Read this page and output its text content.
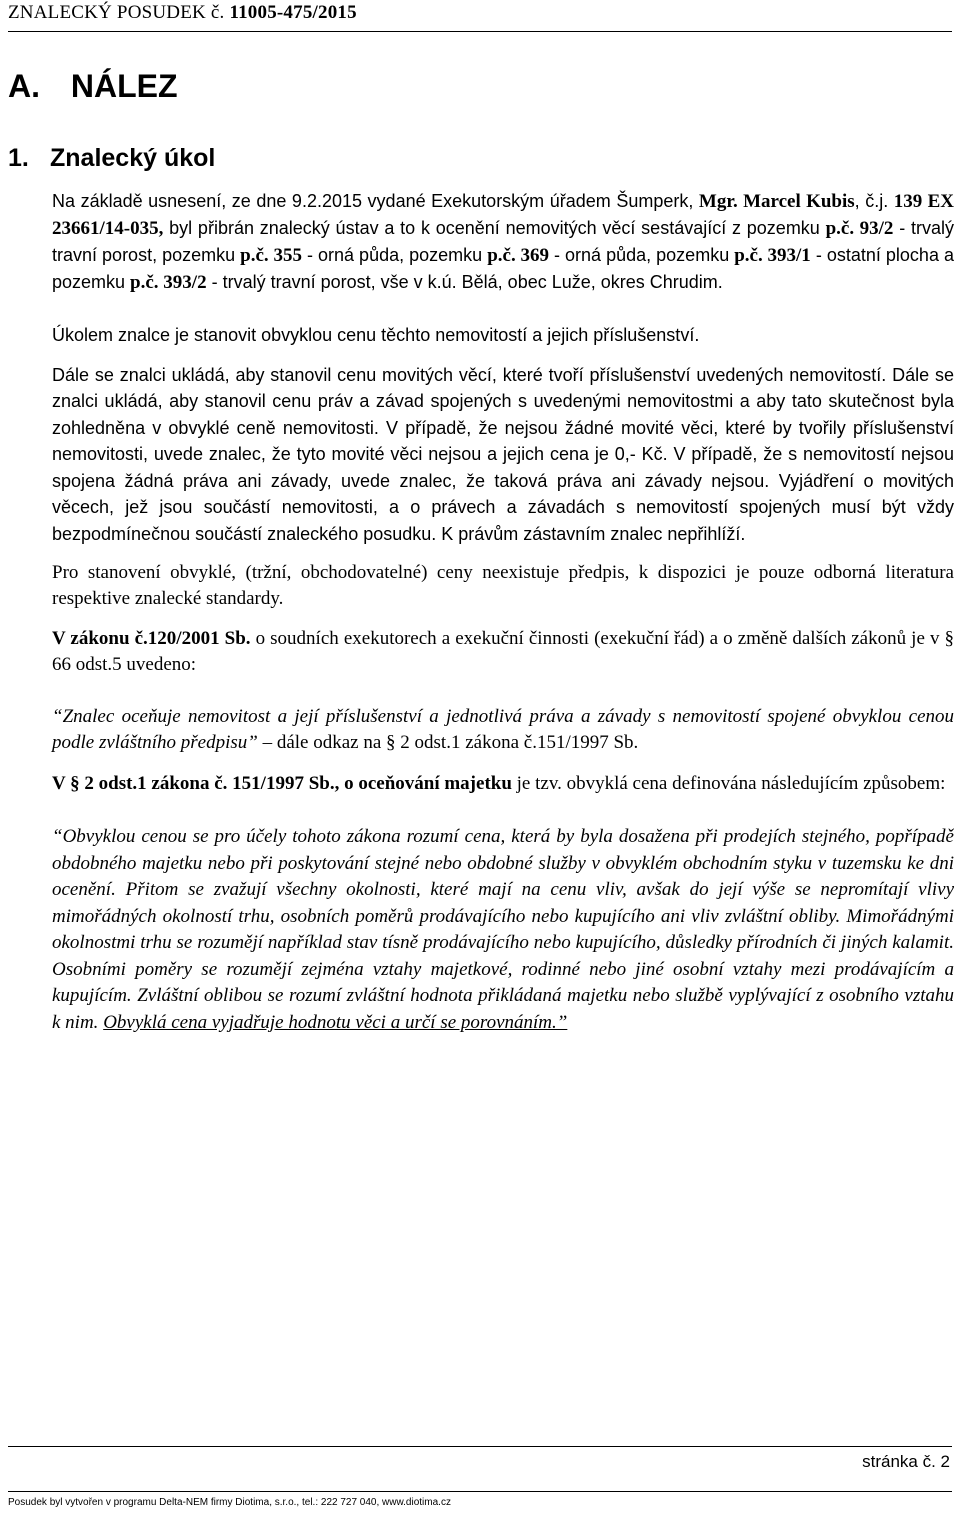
ZNALECKÝ POSUDEK č. 11005-475/2015
A. NÁLEZ
1. Znalecký úkol

Na základě usnesení, ze dne 9.2.2015 vydané Exekutorským úřadem Šumperk, Mgr. Marcel Kubis, č.j. 139 EX 23661/14-035, byl přibrán znalecký ústav a to k ocenění nemovitých věcí sestávající z pozemku p.č. 93/2 - trvalý travní porost, pozemku p.č. 355 - orná půda, pozemku p.č. 369 - orná půda, pozemku p.č. 393/1 - ostatní plocha a pozemku p.č. 393/2 - trvalý travní porost, vše v k.ú. Bělá, obec Luže, okres Chrudim.

Úkolem znalce je stanovit obvyklou cenu těchto nemovitostí a jejich příslušenství.

Dále se znalci ukládá, aby stanovil cenu movitých věcí, které tvoří příslušenství uvedených nemovitostí. Dále se znalci ukládá, aby stanovil cenu práv a závad spojených s uvedenými nemovitostmi a aby tato skutečnost byla zohledněna v obvyklé ceně nemovitosti. V případě, že nejsou žádné movité věci, které by tvořily příslušenství nemovitosti, uvede znalec, že tyto movité věci nejsou a jejich cena je 0,- Kč. V případě, že s nemovitostí nejsou spojena žádná práva ani závady, uvede znalec, že taková práva ani závady nejsou. Vyjádření o movitých věcech, jež jsou součástí nemovitosti, a o právech a závadách s nemovitostí spojených musí být vždy bezpodmínečnou součástí znaleckého posudku. K právům zástavním znalec nepřihlíží.

Pro stanovení obvyklé, (tržní, obchodovatelné) ceny neexistuje předpis, k dispozici je pouze odborná literatura respektive znalecké standardy.

V zákonu č.120/2001 Sb. o soudních exekutorech a exekuční činnosti (exekuční řád) a o změně dalších zákonů je v § 66 odst.5 uvedeno:

“Znalec oceňuje nemovitost a její příslušenství a jednotlivá práva a závady s nemovitostí spojené obvyklou cenou podle zvláštního předpisu” – dále odkaz na § 2 odst.1 zákona č.151/1997 Sb.

V § 2 odst.1 zákona č. 151/1997 Sb., o oceňování majetku je tzv. obvyklá cena definována následujícím způsobem:

“Obvyklou cenou se pro účely tohoto zákona rozumí cena, která by byla dosažena při prodejích stejného, popřípadě obdobného majetku nebo při poskytování stejné nebo obdobné služby v obvyklém obchodním styku v tuzemsku ke dni ocenění. Přitom se zvažují všechny okolnosti, které mají na cenu vliv, avšak do její výše se nepromítají vlivy mimořádných okolností trhu, osobních poměrů prodávajícího nebo kupujícího ani vliv zvláštní obliby. Mimořádnými okolnostmi trhu se rozumějí například stav tísně prodávajícího nebo kupujícího, důsledky přírodních či jiných kalamit. Osobními poměry se rozumějí zejména vztahy majetkové, rodinné nebo jiné osobní vztahy mezi prodávajícím a kupujícím. Zvláštní oblibou se rozumí zvláštní hodnota přikládaná majetku nebo službě vyplývající z osobního vztahu k nim. Obvyklá cena vyjadřuje hodnotu věci a určí se porovnáním.”

stránka č. 2
Posudek byl vytvořen v programu Delta-NEM firmy Diotima, s.r.o., tel.: 222 727 040, www.diotima.cz
